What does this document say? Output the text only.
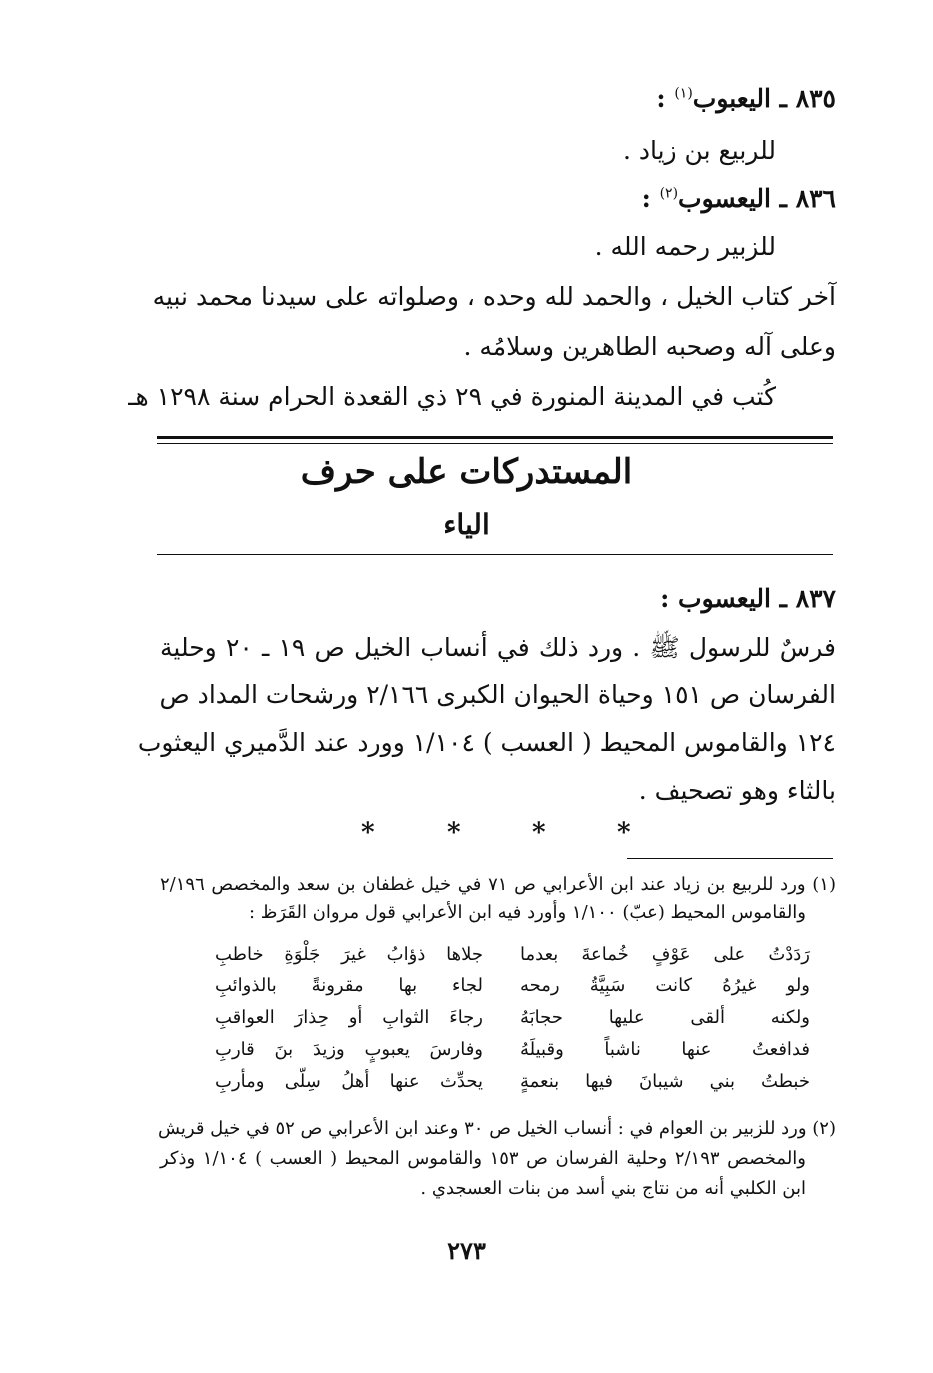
٨٣٥ ـ اليعبوب$^{(١)}$ :
للربيع بن زياد .
٨٣٦ ـ اليعسوب$^{(٢)}$ :
للزبير رحمه الله .
آخر كتاب الخيل ، والحمد لله وحده ، وصلواته على سيدنا محمد نبيه
وعلى آله وصحبه الطاهرين وسلامُه .
كُتب في المدينة المنورة في ٢٩ ذي القعدة الحرام سنة ١٢٩٨ هـ
المستدركات على حرف
الياء
٨٣٧ ـ اليعسوب :
فرسٌ للرسول ﷺ . ورد ذلك في أنساب الخيل ص ١٩ ـ ٢٠ وحلية
الفرسان ص ١٥١ وحياة الحيوان الكبرى ٢/١٦٦ ورشحات المداد ص
١٢٤ والقاموس المحيط ( العسب ) ١/١٠٤ وورد عند الدَّميري اليعثوب
بالثاء وهو تصحيف .
*	*	*	*
(١) ورد للربيع بن زياد عند ابن الأعرابي ص ٧١ في خيل غطفان بن سعد والمخصص ٢/١٩٦
والقاموس المحيط (عبّ) ١/١٠٠ وأورد فيه ابن الأعرابي قول مروان القَرَظ :
رَدَدْتُ على عَوْفٍ خُماعةَ بعدما
جلاها ذؤابُ غيرَ جَلْوَةِ خاطبِ
ولو غيرُهُ كانت سَبِيَّةُ رمحه
لجاء بها مقرونةً بالذوائبِ
ولكنه ألقى عليها حجابَهُ
رجاءَ الثوابِ أو حِذارَ العواقبِ
فدافعتُ عنها ناشباً وقبيلَهُ
وفارسَ يعبوبٍ وزيدَ بنَ قاربِ
خبطتُ بني شيبانَ فيها بنعمةٍ
يحدِّث عنها أهلُ سِلّى ومأربِ
(٢) ورد للزبير بن العوام في : أنساب الخيل ص ٣٠ وعند ابن الأعرابي ص ٥٢ في خيل قريش
والمخصص ٢/١٩٣ وحلية الفرسان ص ١٥٣ والقاموس المحيط ( العسب ) ١/١٠٤ وذكر
ابن الكلبي أنه من نتاج بني أسد من بنات العسجدي .
٢٧٣
